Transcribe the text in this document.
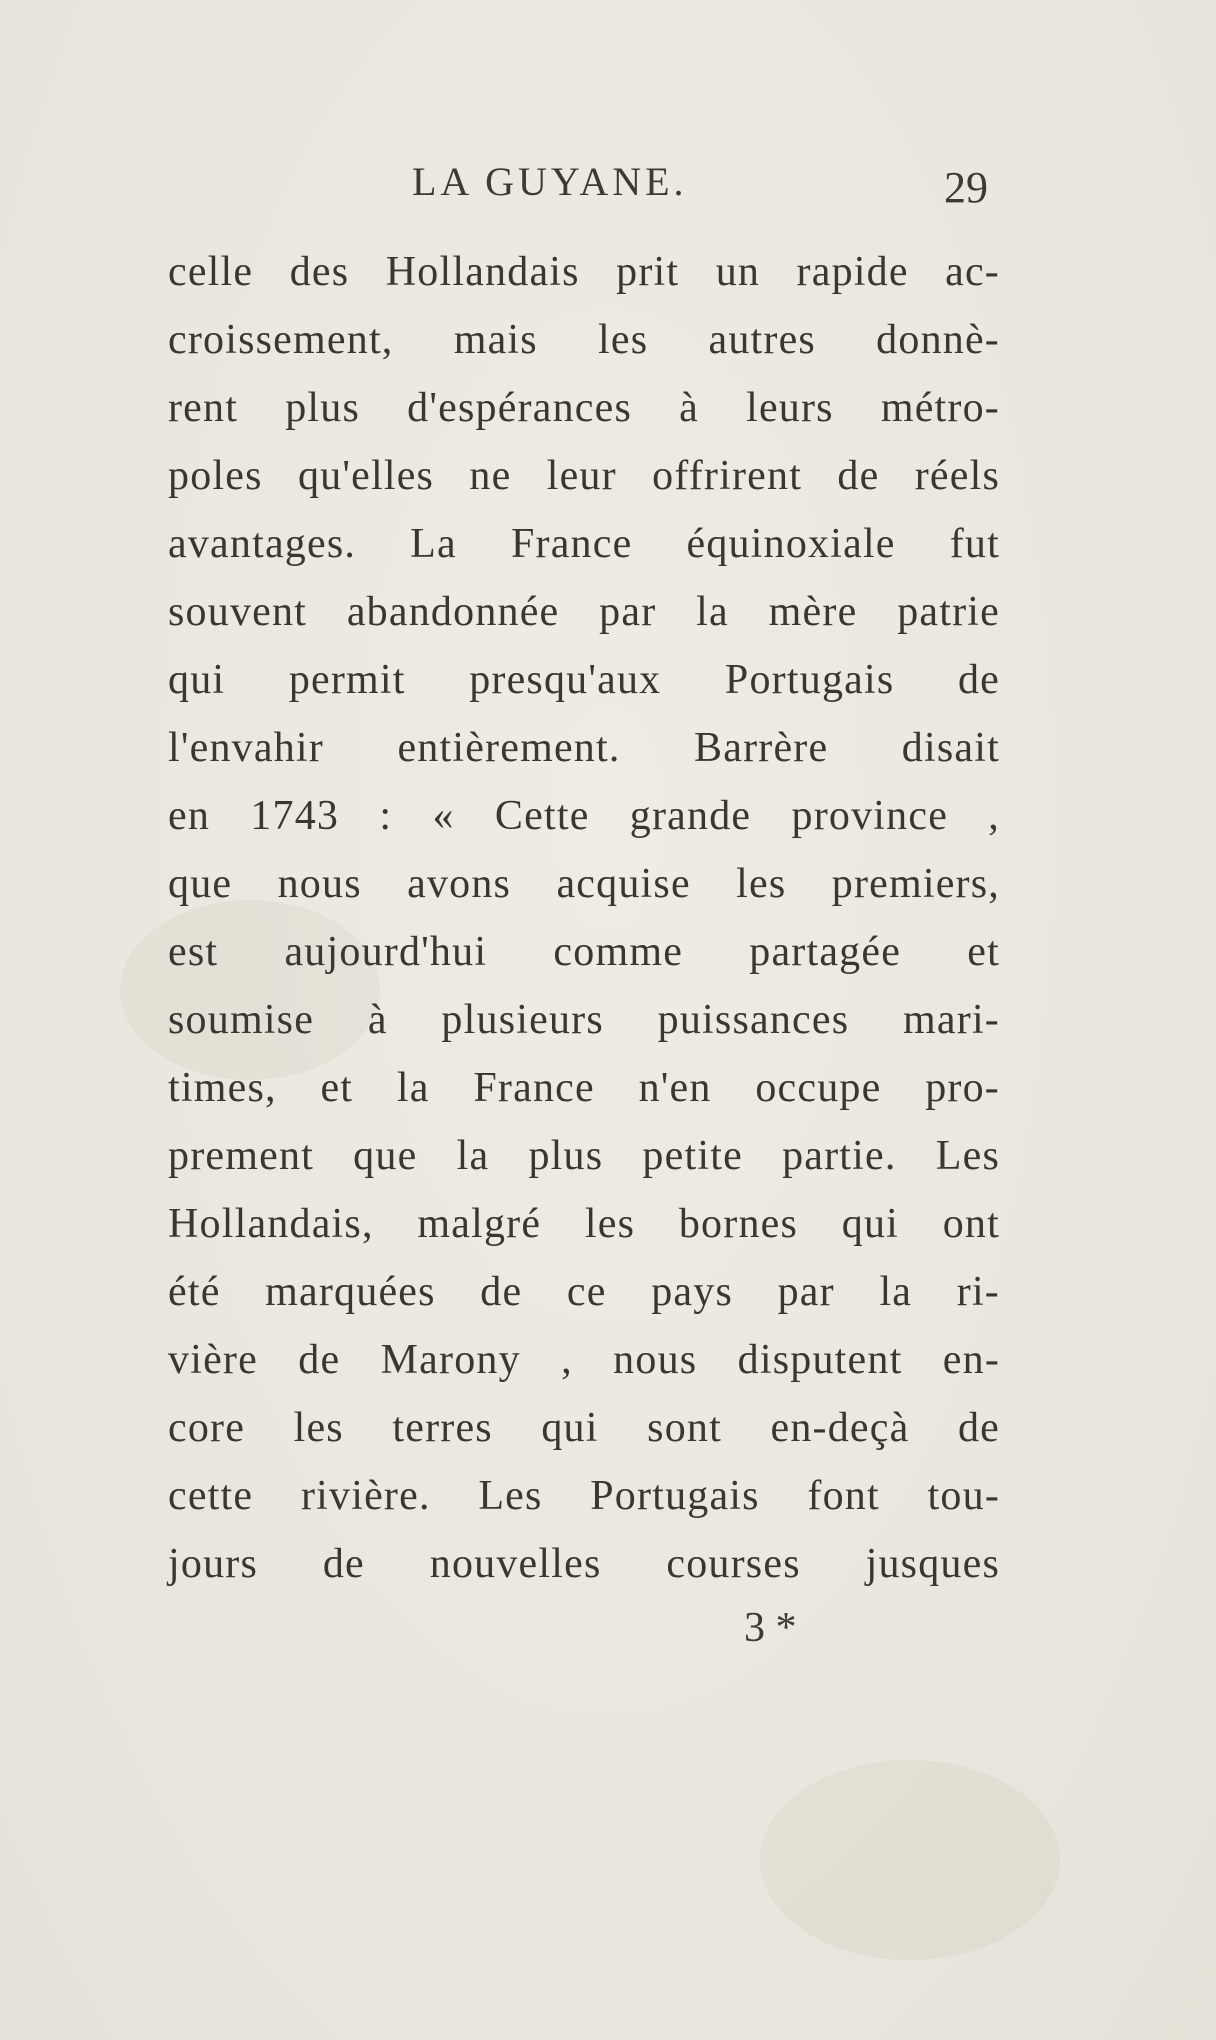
LA GUYANE.	29
celle des Hollandais prit un rapide ac-
croissement, mais les autres donnè-
rent plus d'espérances à leurs métro-
poles qu'elles ne leur offrirent de réels
avantages. La France équinoxiale fut
souvent abandonnée par la mère patrie
qui permit presqu'aux Portugais de
l'envahir entièrement. Barrère disait
en 1743 : « Cette grande province ,
que nous avons acquise les premiers,
est aujourd'hui comme partagée et
soumise à plusieurs puissances mari-
times, et la France n'en occupe pro-
prement que la plus petite partie. Les
Hollandais, malgré les bornes qui ont
été marquées de ce pays par la ri-
vière de Marony , nous disputent en-
core les terres qui sont en-deçà de
cette rivière. Les Portugais font tou-
jours de nouvelles courses jusques
3 *
